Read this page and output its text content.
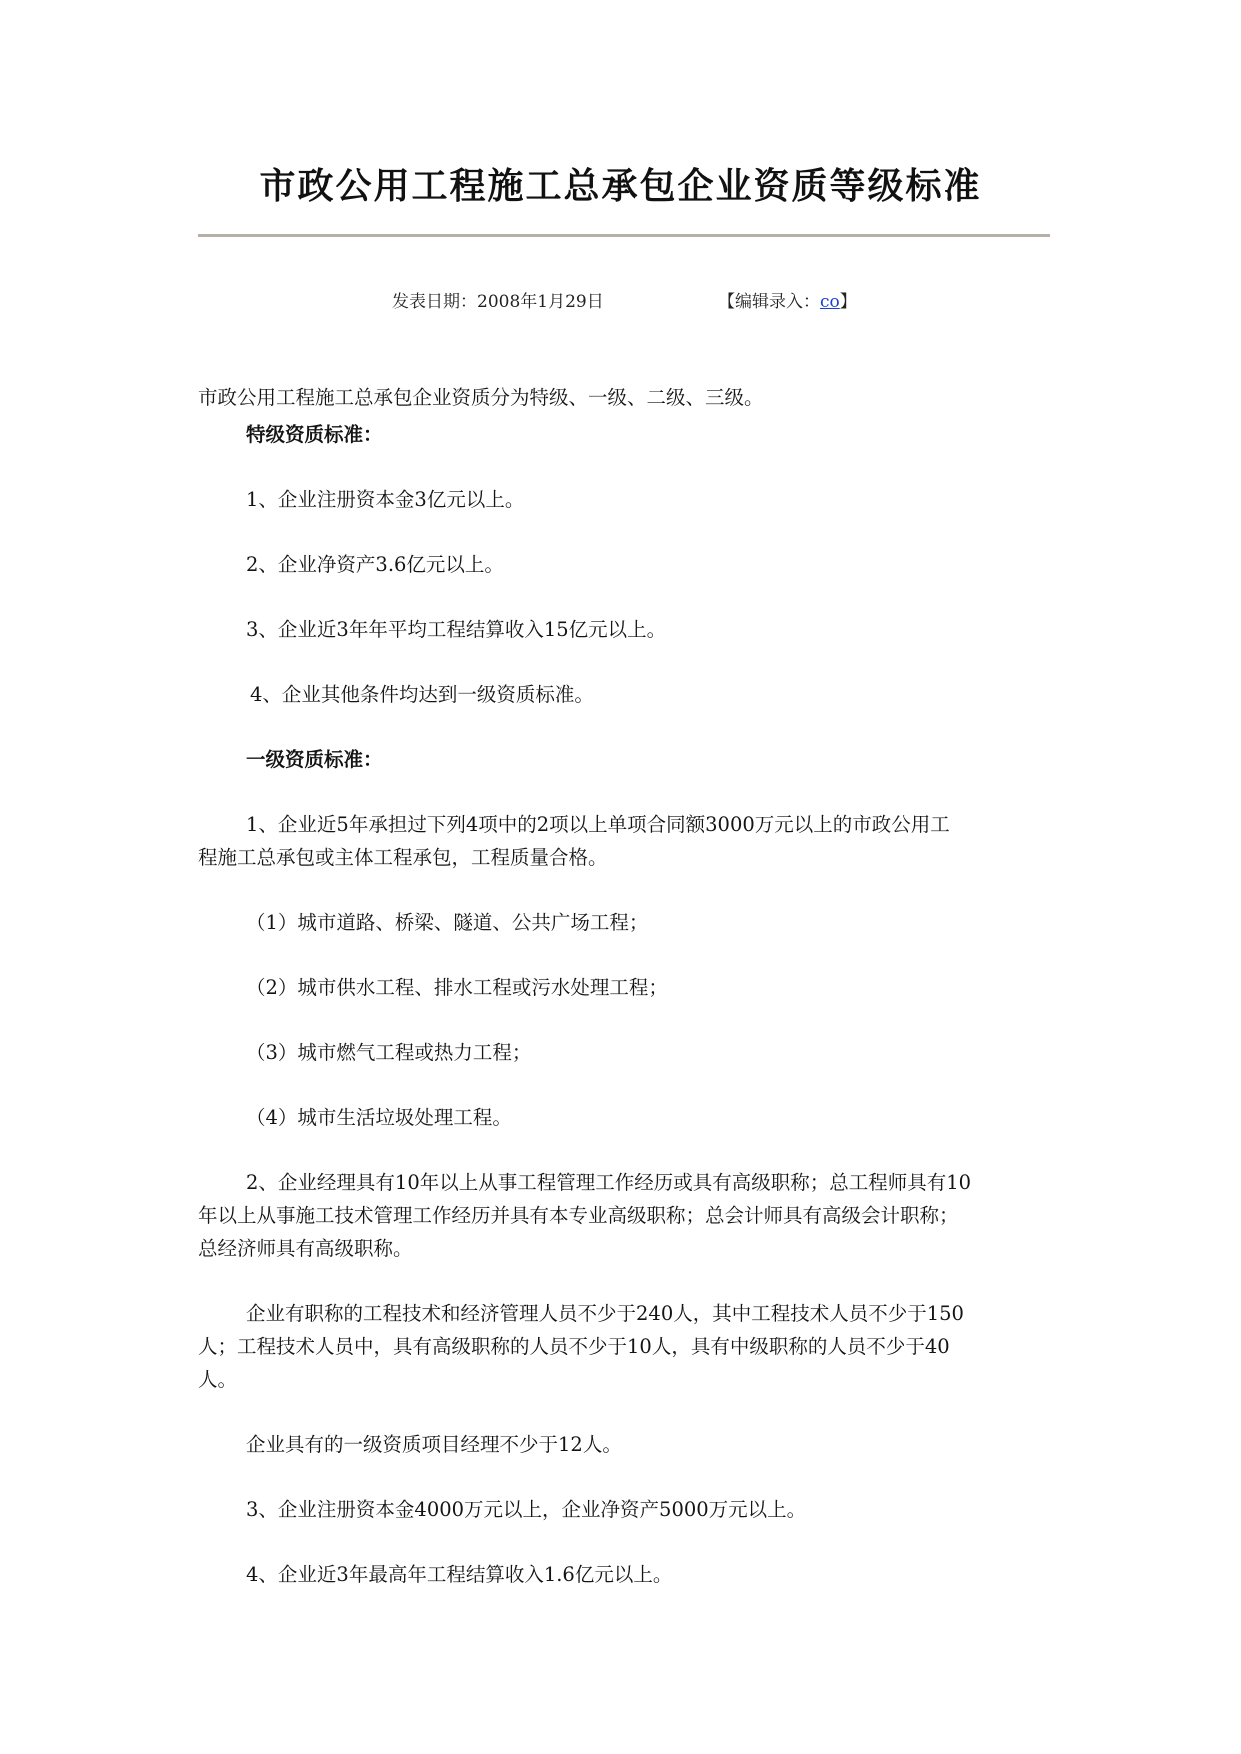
市政公用工程施工总承包企业资质等级标准
发表日期：2008年1月29日	【编辑录入：co】
市政公用工程施工总承包企业资质分为特级、一级、二级、三级。
特级资质标准：
1、企业注册资本金3亿元以上。
2、企业净资产3.6亿元以上。
3、企业近3年年平均工程结算收入15亿元以上。
4、企业其他条件均达到一级资质标准。
一级资质标准：
1、企业近5年承担过下列4项中的2项以上单项合同额3000万元以上的市政公用工
程施工总承包或主体工程承包，工程质量合格。
（1）城市道路、桥梁、隧道、公共广场工程；
（2）城市供水工程、排水工程或污水处理工程；
（3）城市燃气工程或热力工程；
（4）城市生活垃圾处理工程。
2、企业经理具有10年以上从事工程管理工作经历或具有高级职称；总工程师具有10
年以上从事施工技术管理工作经历并具有本专业高级职称；总会计师具有高级会计职称；
总经济师具有高级职称。
企业有职称的工程技术和经济管理人员不少于240人，其中工程技术人员不少于150
人；工程技术人员中，具有高级职称的人员不少于10人，具有中级职称的人员不少于40
人。
企业具有的一级资质项目经理不少于12人。
3、企业注册资本金4000万元以上，企业净资产5000万元以上。
4、企业近3年最高年工程结算收入1.6亿元以上。
